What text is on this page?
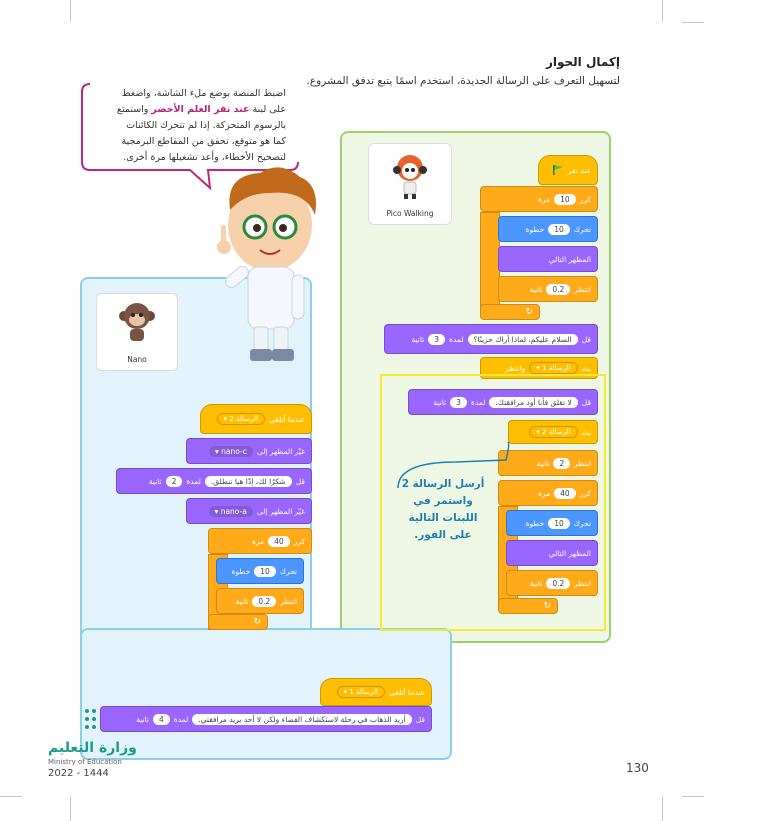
إكمال الحوار
لتسهيل التعرف على الرسالة الجديدة، استخدم اسمًا يتبع تدفق المشروع.
اضبط المنصة بوضع ملء الشاشة، واضغط
على لبنة عند نقر العلم الأخضر واستمتع
بالرسوم المتحركة. إذا لم تتحرك الكائنات
كما هو متوقع، تحقق من المقاطع البرمجية
لتصحيح الأخطاء، وأعد تشغيلها مرة أخرى.
Pico Walking
Nano
عند نقر
كرر
10
مرة
تحرك
10
خطوة
المظهر التالي
انتظر
0.2
ثانية
↻
قل
السلام عليكم، لماذا أراك حزينًا؟
لمدة
3
ثانية
بث
الرسالة 1 ▾
وانتظر
قل
لا تقلق فأنا أود مرافقتك.
لمدة
3
ثانية
بث
الرسالة 2 ▾
انتظر
2
ثانية
كرر
40
مرة
تحرك
10
خطوة
المظهر التالي
انتظر
0.2
ثانية
↻
أرسل الرسالة 2 واستمر في اللبنات التالية على الفور.
عندما أتلقى
الرسالة 2 ▾
غيّر المظهر إلى
nano-c ▾
قل
شكرًا لك، إذًا هيا ننطلق.
لمدة
2
ثانية
غيّر المظهر إلى
nano-a ▾
كرر
40
مرة
تحرك
10
خطوة
انتظر
0.2
ثانية
↻
عندما أتلقى
الرسالة 1 ▾
قل
أريد الذهاب في رحلة لاستكشاف الفضاء ولكن لا أحد يريد مرافقتي.
لمدة
4
ثانية
وزارة التعليم
Ministry of Education
2022 - 1444	130
